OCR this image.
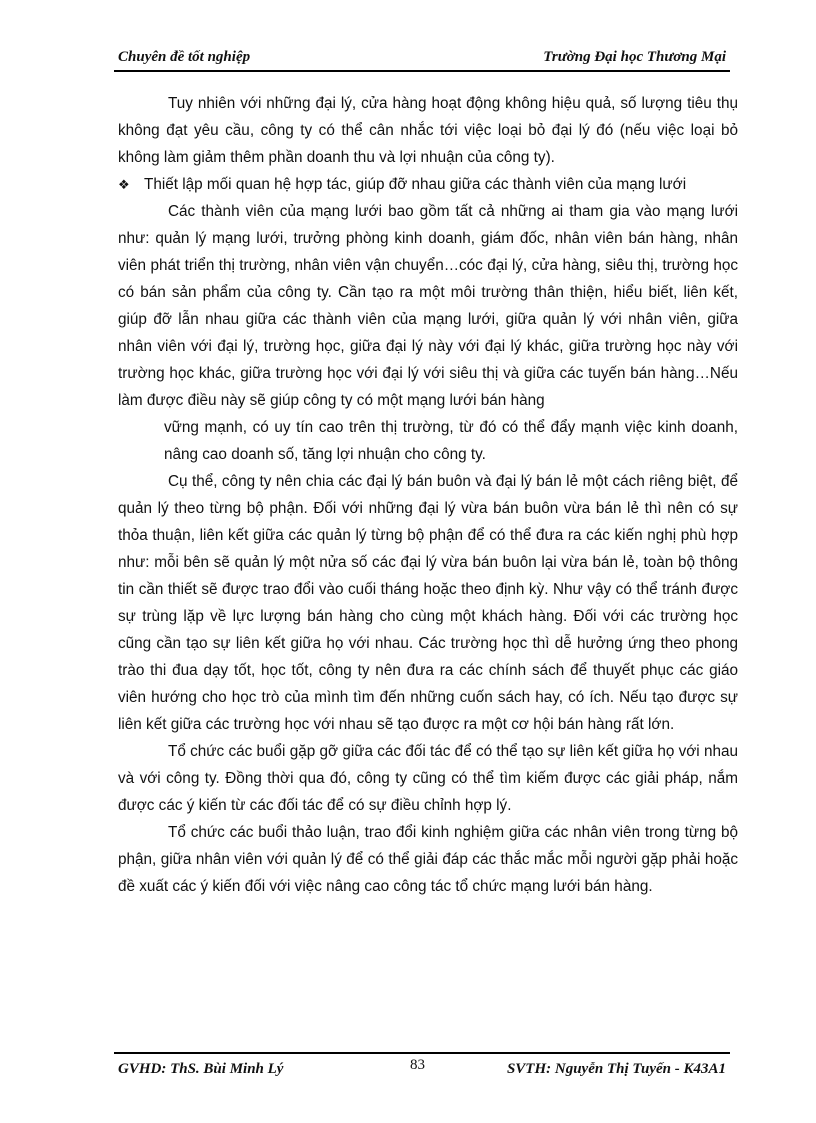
Chuyên đề tốt nghiệp	Trường Đại học Thương Mại

Tuy nhiên với những đại lý, cửa hàng hoạt động không hiệu quả, số lượng tiêu thụ không đạt yêu cầu, công ty có thể cân nhắc tới việc loại bỏ đại lý đó (nếu việc loại bỏ không làm giảm thêm phần doanh thu và lợi nhuận của công ty).

❖ Thiết lập mối quan hệ hợp tác, giúp đỡ nhau giữa các thành viên của mạng lưới

Các thành viên của mạng lưới bao gồm tất cả những ai tham gia vào mạng lưới như: quản lý mạng lưới, trưởng phòng kinh doanh, giám đốc, nhân viên bán hàng, nhân viên phát triển thị trường, nhân viên vận chuyển…cóc đại lý, cửa hàng, siêu thị, trường học có bán sản phẩm của công ty. Cần tạo ra một môi trường thân thiện, hiểu biết, liên kết, giúp đỡ lẫn nhau giữa các thành viên của mạng lưới, giữa quản lý với nhân viên, giữa nhân viên với đại lý, trường học, giữa đại lý này với đại lý khác, giữa trường học này với trường học khác, giữa trường học với đại lý với siêu thị và giữa các tuyến bán hàng…Nếu làm được điều này sẽ giúp công ty có một mạng lưới bán hàng

vững mạnh, có uy tín cao trên thị trường, từ đó có thể đẩy mạnh việc kinh doanh, nâng cao doanh số, tăng lợi nhuận cho công ty.

Cụ thể, công ty nên chia các đại lý bán buôn và đại lý bán lẻ một cách riêng biệt, để quản lý theo từng bộ phận. Đối với những đại lý vừa bán buôn vừa bán lẻ thì nên có sự thỏa thuận, liên kết giữa các quản lý từng bộ phận để có thể đưa ra các kiến nghị phù hợp như: mỗi bên sẽ quản lý một nửa số các đại lý vừa bán buôn lại vừa bán lẻ, toàn bộ thông tin cần thiết sẽ được trao đổi vào cuối tháng hoặc theo định kỳ. Như vậy có thể tránh được sự trùng lặp về lực lượng bán hàng cho cùng một khách hàng. Đối với các trường học cũng cần tạo sự liên kết giữa họ với nhau. Các trường học thì dễ hưởng ứng theo phong trào thi đua dạy tốt, học tốt, công ty nên đưa ra các chính sách để thuyết phục các giáo viên hướng cho học trò của mình tìm đến những cuốn sách hay, có ích. Nếu tạo được sự liên kết giữa các trường học với nhau sẽ tạo được ra một cơ hội bán hàng rất lớn.

Tổ chức các buổi gặp gỡ giữa các đối tác để có thể tạo sự liên kết giữa họ với nhau và với công ty. Đồng thời qua đó, công ty cũng có thể tìm kiếm được các giải pháp, nắm được các ý kiến từ các đối tác để có sự điều chỉnh hợp lý.

Tổ chức các buổi thảo luận, trao đổi kinh nghiệm giữa các nhân viên trong từng bộ phận, giữa nhân viên với quản lý để có thể giải đáp các thắc mắc mỗi người gặp phải hoặc đề xuất các ý kiến đối với việc nâng cao công tác tổ chức mạng lưới bán hàng.

GVHD: ThS. Bùi Minh Lý	83	SVTH: Nguyễn Thị Tuyến - K43A1
